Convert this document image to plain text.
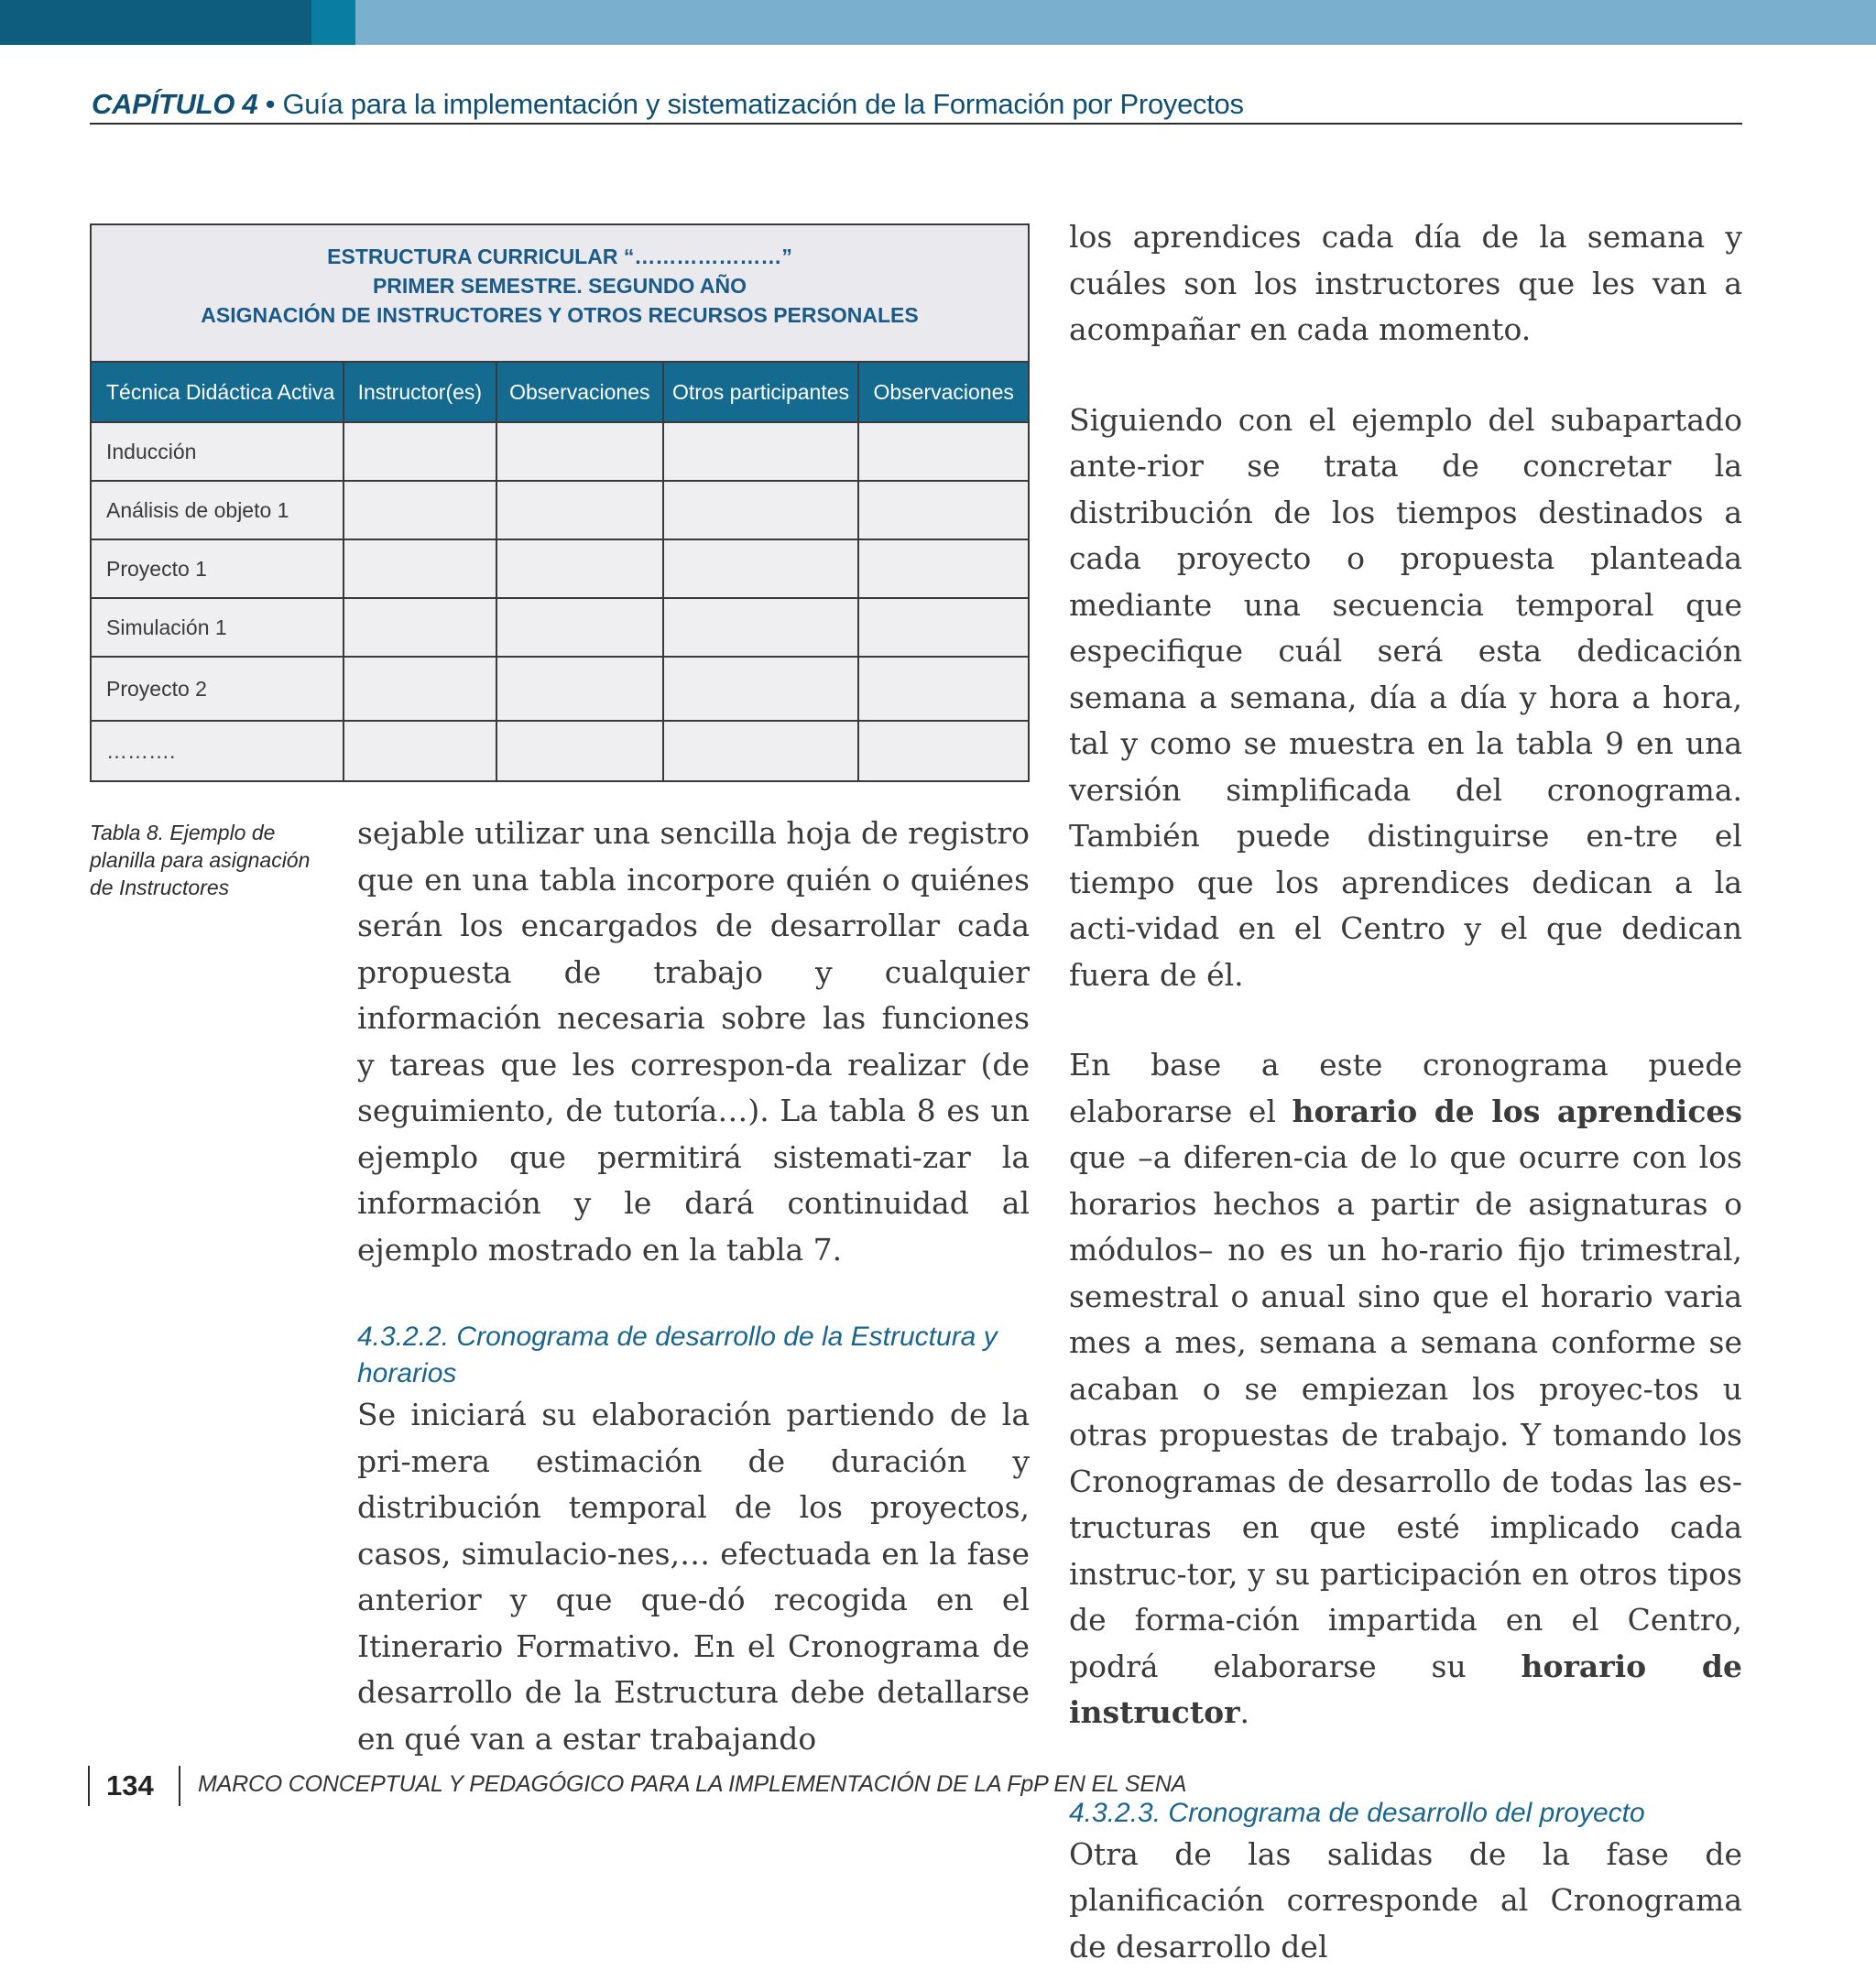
CAPÍTULO 4 • Guía para la implementación y sistematización de la Formación por Proyectos
ESTRUCTURA CURRICULAR “…………………”
PRIMER SEMESTRE. SEGUNDO AÑO
ASIGNACIÓN DE INSTRUCTORES Y OTROS RECURSOS PERSONALES				

Técnica Didáctica Activa	Instructor(es)	Observaciones	Otros participantes	Observaciones
Inducción				
Análisis de objeto 1				
Proyecto 1				
Simulación 1				
Proyecto 2				
……….				
Tabla 8. Ejemplo de planilla para asignación de Instructores

sejable utilizar una sencilla hoja de registro que en una tabla incorpore quién o quiénes serán los encargados de desarrollar cada propuesta de trabajo y cualquier información necesaria sobre las funciones y tareas que les correspon-da realizar (de seguimiento, de tutoría…). La tabla 8 es un ejemplo que permitirá sistemati-zar la información y le dará continuidad al ejemplo mostrado en la tabla 7.

4.3.2.2. Cronograma de desarrollo de la Estructura y horarios

Se iniciará su elaboración partiendo de la pri-mera estimación de duración y distribución temporal de los proyectos, casos, simulacio-nes,… efectuada en la fase anterior y que que-dó recogida en el Itinerario Formativo. En el Cronograma de desarrollo de la Estructura debe detallarse en qué van a estar trabajando

los aprendices cada día de la semana y cuáles son los instructores que les van a acompañar en cada momento.

Siguiendo con el ejemplo del subapartado ante-rior se trata de concretar la distribución de los tiempos destinados a cada proyecto o propuesta planteada mediante una secuencia temporal que especifique cuál será esta dedicación semana a semana, día a día y hora a hora, tal y como se muestra en la tabla 9 en una versión simplificada del cronograma. También puede distinguirse en-tre el tiempo que los aprendices dedican a la acti-vidad en el Centro y el que dedican fuera de él.

En base a este cronograma puede elaborarse el horario de los aprendices que –a diferen-cia de lo que ocurre con los horarios hechos a partir de asignaturas o módulos– no es un ho-rario fijo trimestral, semestral o anual sino que el horario varia mes a mes, semana a semana conforme se acaban o se empiezan los proyec-tos u otras propuestas de trabajo. Y tomando los Cronogramas de desarrollo de todas las es-tructuras en que esté implicado cada instruc-tor, y su participación en otros tipos de forma-ción impartida en el Centro, podrá elaborarse su horario de instructor.

4.3.2.3. Cronograma de desarrollo del proyecto

Otra de las salidas de la fase de planificación corresponde al Cronograma de desarrollo del

134 MARCO CONCEPTUAL Y PEDAGÓGICO PARA LA IMPLEMENTACIÓN DE LA FpP EN EL SENA
